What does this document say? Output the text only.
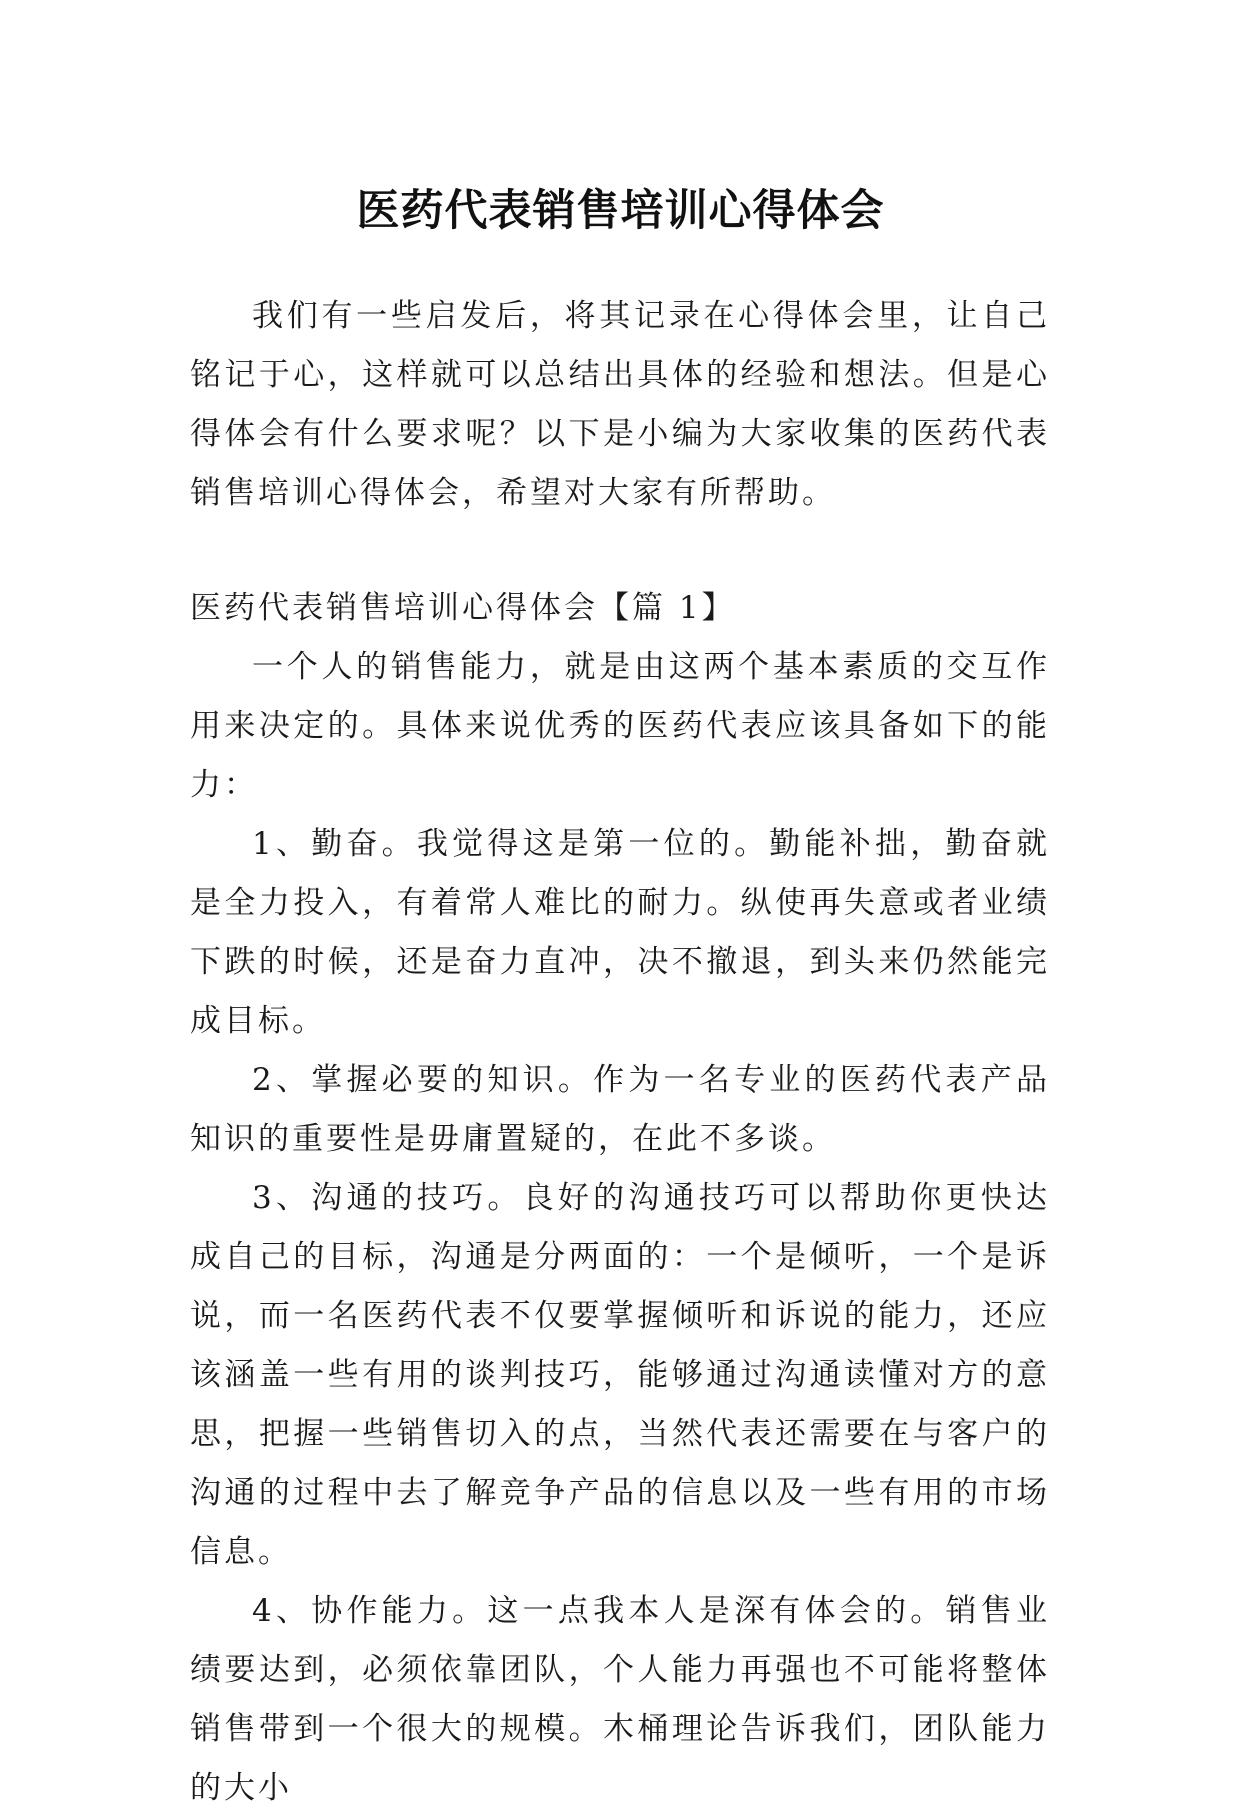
医药代表销售培训心得体会

我们有一些启发后，将其记录在心得体会里，让自己铭记于心，这样就可以总结出具体的经验和想法。但是心得体会有什么要求呢？以下是小编为大家收集的医药代表销售培训心得体会，希望对大家有所帮助。

医药代表销售培训心得体会【篇 1】

一个人的销售能力，就是由这两个基本素质的交互作用来决定的。具体来说优秀的医药代表应该具备如下的能力：

1、勤奋。我觉得这是第一位的。勤能补拙，勤奋就是全力投入，有着常人难比的耐力。纵使再失意或者业绩下跌的时候，还是奋力直冲，决不撤退，到头来仍然能完成目标。

2、掌握必要的知识。作为一名专业的医药代表产品知识的重要性是毋庸置疑的，在此不多谈。

3、沟通的技巧。良好的沟通技巧可以帮助你更快达成自己的目标，沟通是分两面的：一个是倾听，一个是诉说，而一名医药代表不仅要掌握倾听和诉说的能力，还应该涵盖一些有用的谈判技巧，能够通过沟通读懂对方的意思，把握一些销售切入的点，当然代表还需要在与客户的沟通的过程中去了解竞争产品的信息以及一些有用的市场信息。

4、协作能力。这一点我本人是深有体会的。销售业绩要达到，必须依靠团队，个人能力再强也不可能将整体销售带到一个很大的规模。木桶理论告诉我们，团队能力的大小
